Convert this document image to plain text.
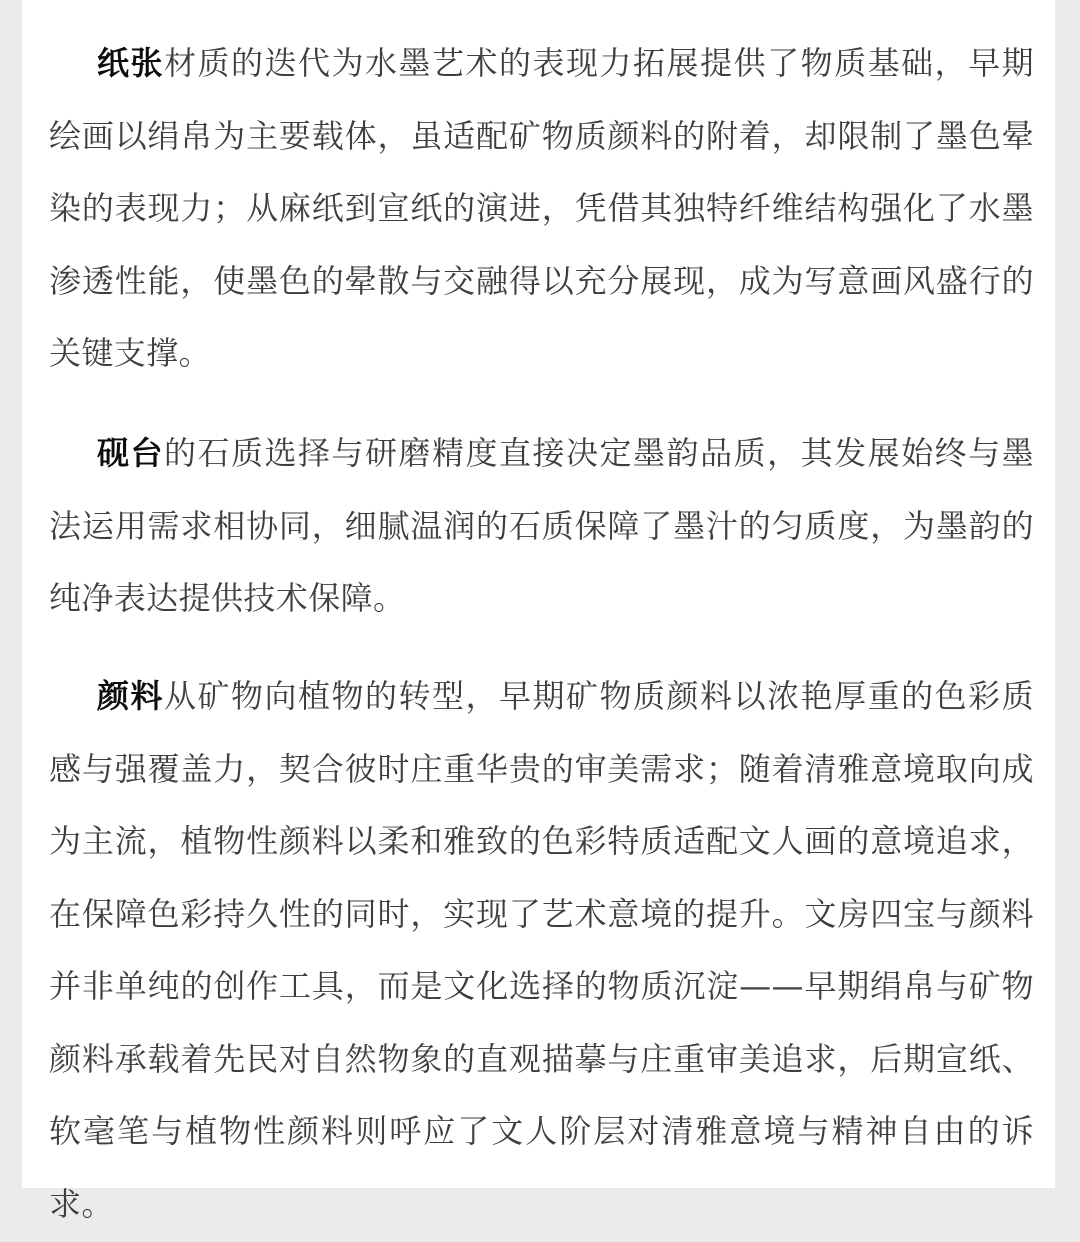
纸张材质的迭代为水墨艺术的表现力拓展提供了物质基础，早期绘画以绢帛为主要载体，虽适配矿物质颜料的附着，却限制了墨色晕染的表现力；从麻纸到宣纸的演进，凭借其独特纤维结构强化了水墨渗透性能，使墨色的晕散与交融得以充分展现，成为写意画风盛行的关键支撑。

砚台的石质选择与研磨精度直接决定墨韵品质，其发展始终与墨法运用需求相协同，细腻温润的石质保障了墨汁的匀质度，为墨韵的纯净表达提供技术保障。

颜料从矿物向植物的转型，早期矿物质颜料以浓艳厚重的色彩质感与强覆盖力，契合彼时庄重华贵的审美需求；随着清雅意境取向成为主流，植物性颜料以柔和雅致的色彩特质适配文人画的意境追求，在保障色彩持久性的同时，实现了艺术意境的提升。文房四宝与颜料并非单纯的创作工具，而是文化选择的物质沉淀——早期绢帛与矿物颜料承载着先民对自然物象的直观描摹与庄重审美追求，后期宣纸、软毫笔与植物性颜料则呼应了文人阶层对清雅意境与精神自由的诉求。
